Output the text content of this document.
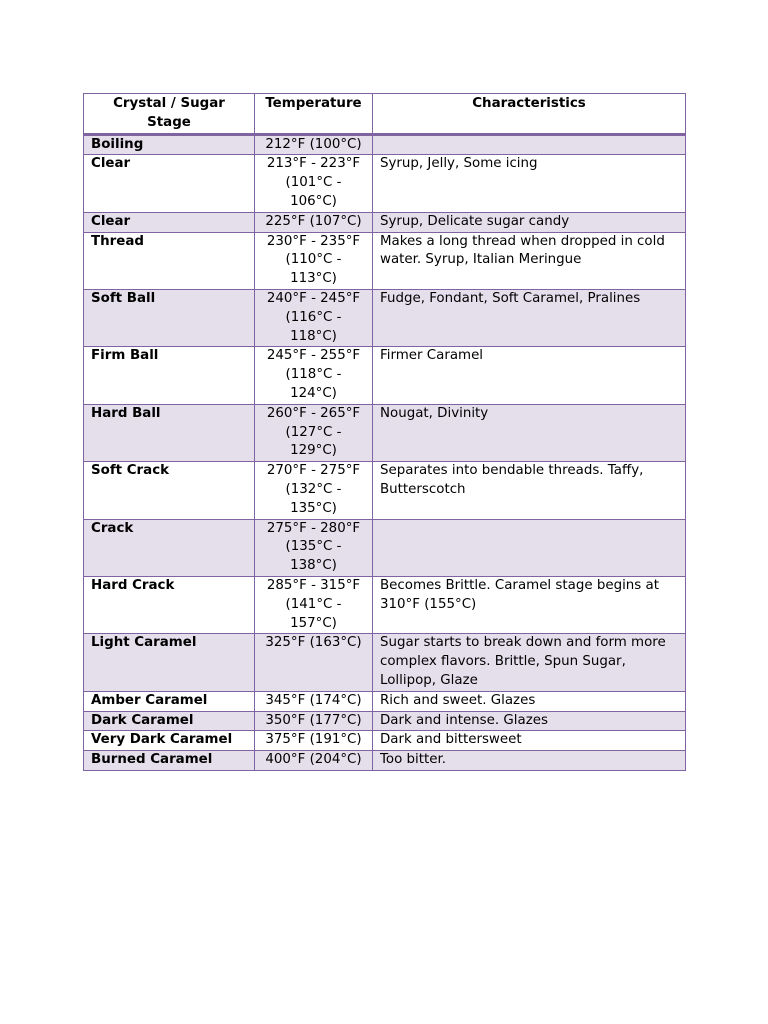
Crystal / Sugar Stage	Temperature	Characteristics
Boiling	212°F (100°C)	
Clear	213°F - 223°F (101°C - 106°C)	Syrup, Jelly, Some icing
Clear	225°F (107°C)	Syrup, Delicate sugar candy
Thread	230°F - 235°F (110°C - 113°C)	Makes a long thread when dropped in cold water. Syrup, Italian Meringue
Soft Ball	240°F - 245°F (116°C - 118°C)	Fudge, Fondant, Soft Caramel, Pralines
Firm Ball	245°F - 255°F (118°C - 124°C)	Firmer Caramel
Hard Ball	260°F - 265°F (127°C - 129°C)	Nougat, Divinity
Soft Crack	270°F - 275°F (132°C - 135°C)	Separates into bendable threads. Taffy, Butterscotch
Crack	275°F - 280°F (135°C - 138°C)	
Hard Crack	285°F - 315°F (141°C - 157°C)	Becomes Brittle. Caramel stage begins at 310°F (155°C)
Light Caramel	325°F (163°C)	Sugar starts to break down and form more complex flavors. Brittle, Spun Sugar, Lollipop, Glaze
Amber Caramel	345°F (174°C)	Rich and sweet. Glazes
Dark Caramel	350°F (177°C)	Dark and intense. Glazes
Very Dark Caramel	375°F (191°C)	Dark and bittersweet
Burned Caramel	400°F (204°C)	Too bitter.
